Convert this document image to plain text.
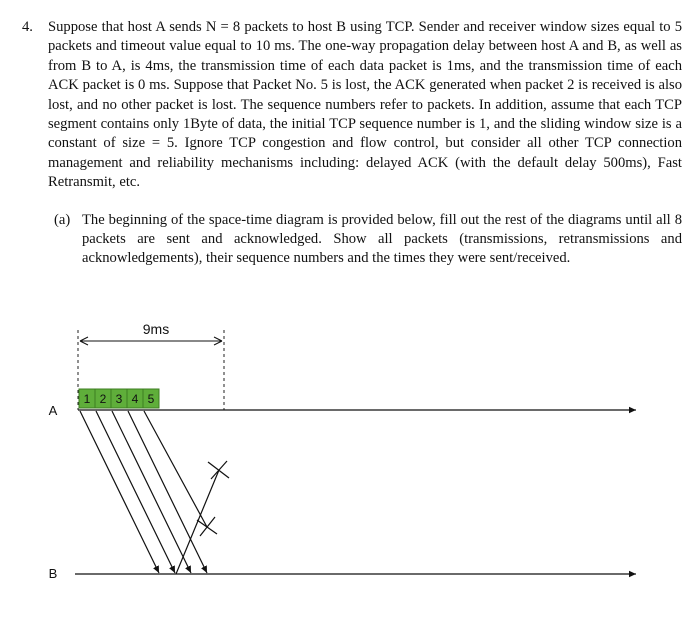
4.	Suppose that host A sends N = 8 packets to host B using TCP. Sender and receiver window sizes equal to 5 packets and timeout value equal to 10 ms. The one-way propagation delay between host A and B, as well as from B to A, is 4ms, the transmission time of each data packet is 1ms, and the transmission time of each ACK packet is 0 ms. Suppose that Packet No. 5 is lost, the ACK generated when packet 2 is received is also lost, and no other packet is lost. The sequence numbers refer to packets. In addition, assume that each TCP segment contains only 1Byte of data, the initial TCP sequence number is 1, and the sliding window size is a constant of size = 5. Ignore TCP congestion and flow control, but consider all other TCP connection management and reliability mechanisms including: delayed ACK (with the default delay 500ms), Fast Retransmit, etc.
(a) The beginning of the space-time diagram is provided below, fill out the rest of the diagrams until all 8 packets are sent and acknowledged. Show all packets (transmissions, retransmissions and acknowledgements), their sequence numbers and the times they were sent/received.
9ms
A
B
1 2 3 4 5
